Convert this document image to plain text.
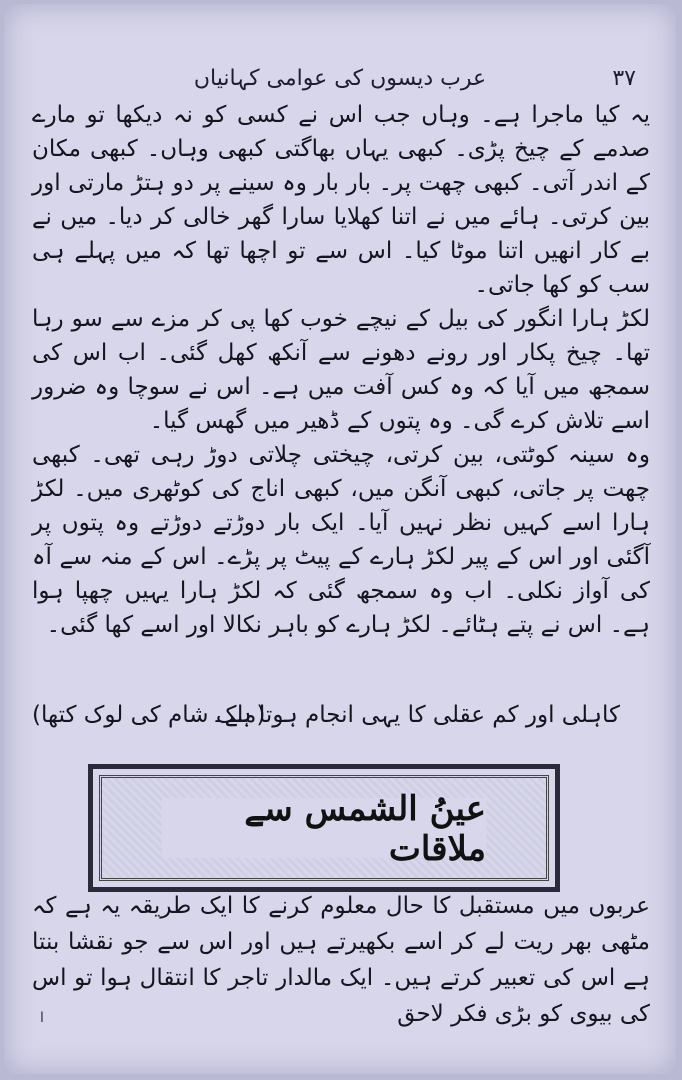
عرب دیسوں کی عوامی کہانیاں	۳۷

یہ کیا ماجرا ہے۔ وہاں جب اس نے کسی کو نہ دیکھا تو مارے صدمے کے چیخ پڑی۔ کبھی یہاں بھاگتی کبھی وہاں۔ کبھی مکان کے اندر آتی۔ کبھی چھت پر۔ بار بار وہ سینے پر دو ہتڑ مارتی اور بین کرتی۔ ہائے میں نے اتنا کھلایا سارا گھر خالی کر دیا۔ میں نے بے کار انھیں اتنا موٹا کیا۔ اس سے تو اچھا تھا کہ میں پہلے ہی سب کو کھا جاتی۔

لکڑ ہارا انگور کی بیل کے نیچے خوب کھا پی کر مزے سے سو رہا تھا۔ چیخ پکار اور رونے دھونے سے آنکھ کھل گئی۔ اب اس کی سمجھ میں آیا کہ وہ کس آفت میں ہے۔ اس نے سوچا وہ ضرور اسے تلاش کرے گی۔ وہ پتوں کے ڈھیر میں گھس گیا۔

وہ سینہ کوٹتی، بین کرتی، چیختی چلاتی دوڑ رہی تھی۔ کبھی چھت پر جاتی، کبھی آنگن میں، کبھی اناج کی کوٹھری میں۔ لکڑ ہارا اسے کہیں نظر نہیں آیا۔ ایک بار دوڑتے دوڑتے وہ پتوں پر آگئی اور اس کے پیر لکڑ ہارے کے پیٹ پر پڑے۔ اس کے منہ سے آہ کی آواز نکلی۔ اب وہ سمجھ گئی کہ لکڑ ہارا یہیں چھپا ہوا ہے۔ اس نے پتے ہٹائے۔ لکڑ ہارے کو باہر نکالا اور اسے کھا گئی۔

کاہلی اور کم عقلی کا یہی انجام ہوتا ہے۔
(ملک شام کی لوک کتھا)
عینُ الشمس سے ملاقات

عربوں میں مستقبل کا حال معلوم کرنے کا ایک طریقہ یہ ہے کہ مٹھی بھر ریت لے کر اسے بکھیرتے ہیں اور اس سے جو نقشا بنتا ہے اس کی تعبیر کرتے ہیں۔ ایک مالدار تاجر کا انتقال ہوا تو اس کی بیوی کو بڑی فکر لاحق

ا
